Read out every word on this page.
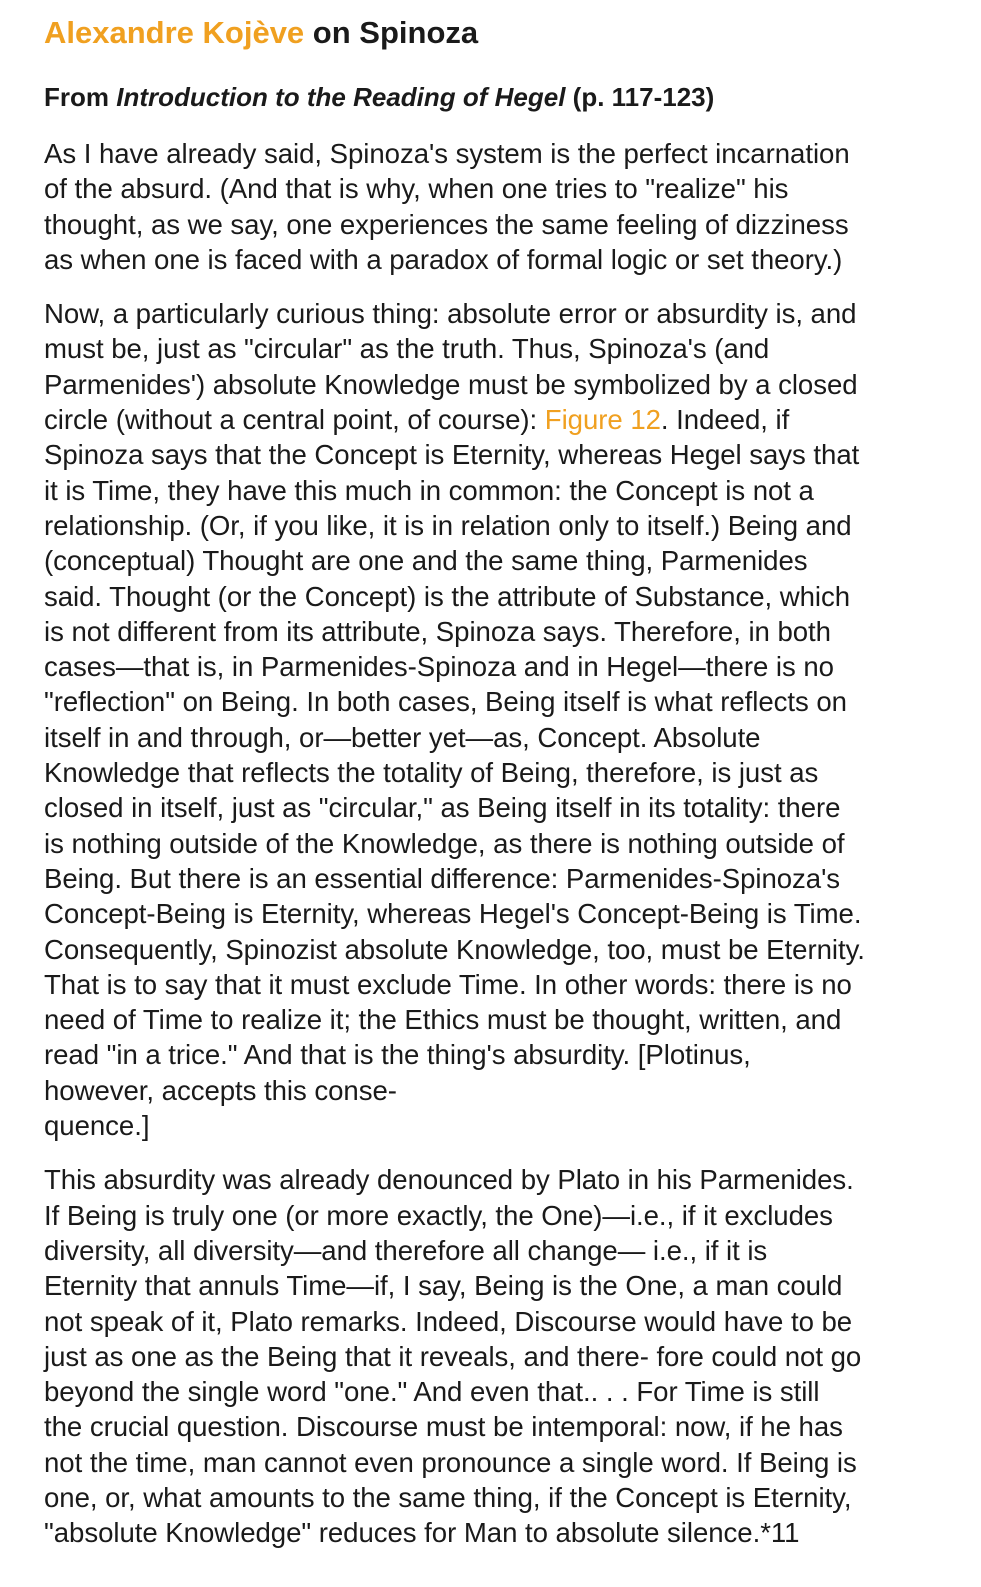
Alexandre Kojève on Spinoza
From Introduction to the Reading of Hegel (p. 117-123)

As I have already said, Spinoza's system is the perfect incarnation
of the absurd. (And that is why, when one tries to "realize" his
thought, as we say, one experiences the same feeling of dizziness
as when one is faced with a paradox of formal logic or set theory.)

Now, a particularly curious thing: absolute error or absurdity is, and
must be, just as "circular" as the truth. Thus, Spinoza's (and
Parmenides') absolute Knowledge must be symbolized by a closed
circle (without a central point, of course): Figure 12. Indeed, if
Spinoza says that the Concept is Eternity, whereas Hegel says that
it is Time, they have this much in common: the Concept is not a
relationship. (Or, if you like, it is in relation only to itself.) Being and
(conceptual) Thought are one and the same thing, Parmenides
said. Thought (or the Concept) is the attribute of Substance, which
is not different from its attribute, Spinoza says. Therefore, in both
cases—that is, in Parmenides-Spinoza and in Hegel—there is no
"reflection" on Being. In both cases, Being itself is what reflects on
itself in and through, or—better yet—as, Concept. Absolute
Knowledge that reflects the totality of Being, therefore, is just as
closed in itself, just as "circular," as Being itself in its totality: there
is nothing outside of the Knowledge, as there is nothing outside of
Being. But there is an essential difference: Parmenides-Spinoza's
Concept-Being is Eternity, whereas Hegel's Concept-Being is Time.
Consequently, Spinozist absolute Knowledge, too, must be Eternity.
That is to say that it must exclude Time. In other words: there is no
need of Time to realize it; the Ethics must be thought, written, and
read "in a trice." And that is the thing's absurdity. [Plotinus,
however, accepts this conse-
quence.]

This absurdity was already denounced by Plato in his Parmenides.
If Being is truly one (or more exactly, the One)—i.e., if it excludes
diversity, all diversity—and therefore all change— i.e., if it is
Eternity that annuls Time—if, I say, Being is the One, a man could
not speak of it, Plato remarks. Indeed, Discourse would have to be
just as one as the Being that it reveals, and there- fore could not go
beyond the single word "one." And even that.. . . For Time is still
the crucial question. Discourse must be intemporal: now, if he has
not the time, man cannot even pronounce a single word. If Being is
one, or, what amounts to the same thing, if the Concept is Eternity,
"absolute Knowledge" reduces for Man to absolute silence.*11
